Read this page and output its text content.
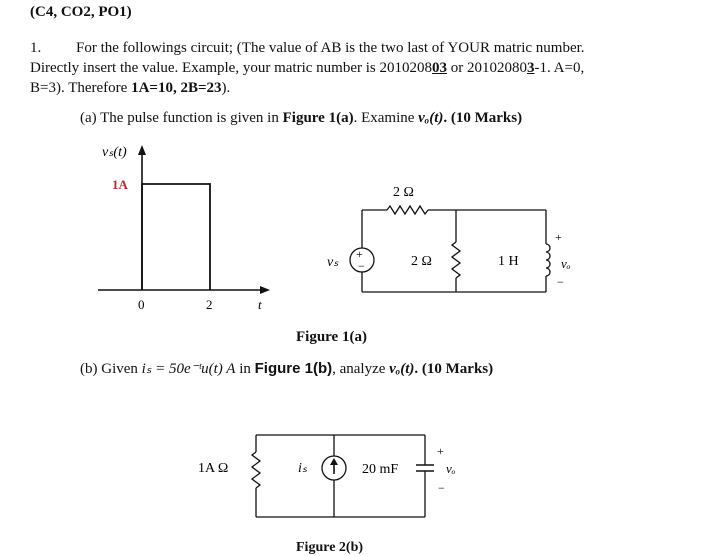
(C4, CO2, PO1)
1. For the followings circuit; (The value of AB is the two last of YOUR matric number.
Directly insert the value. Example, your matric number is 201020803 or 201020803-1. A=0,
B=3). Therefore 1A=10, 2B=23).
(a) The pulse function is given in Figure 1(a). Examine vₒ(t). (10 Marks)
vₛ(t)
1A
0	2	t
+
−
vₛ
2 Ω
2 Ω	1 H
+
vₒ
−
1A Ω	iₛ	20 mF
+
vₒ
−
Figure 1(a)
(b) Given iₛ = 50e⁻ᵗu(t) A in Figure 1(b), analyze vₒ(t). (10 Marks)
Figure 2(b)
